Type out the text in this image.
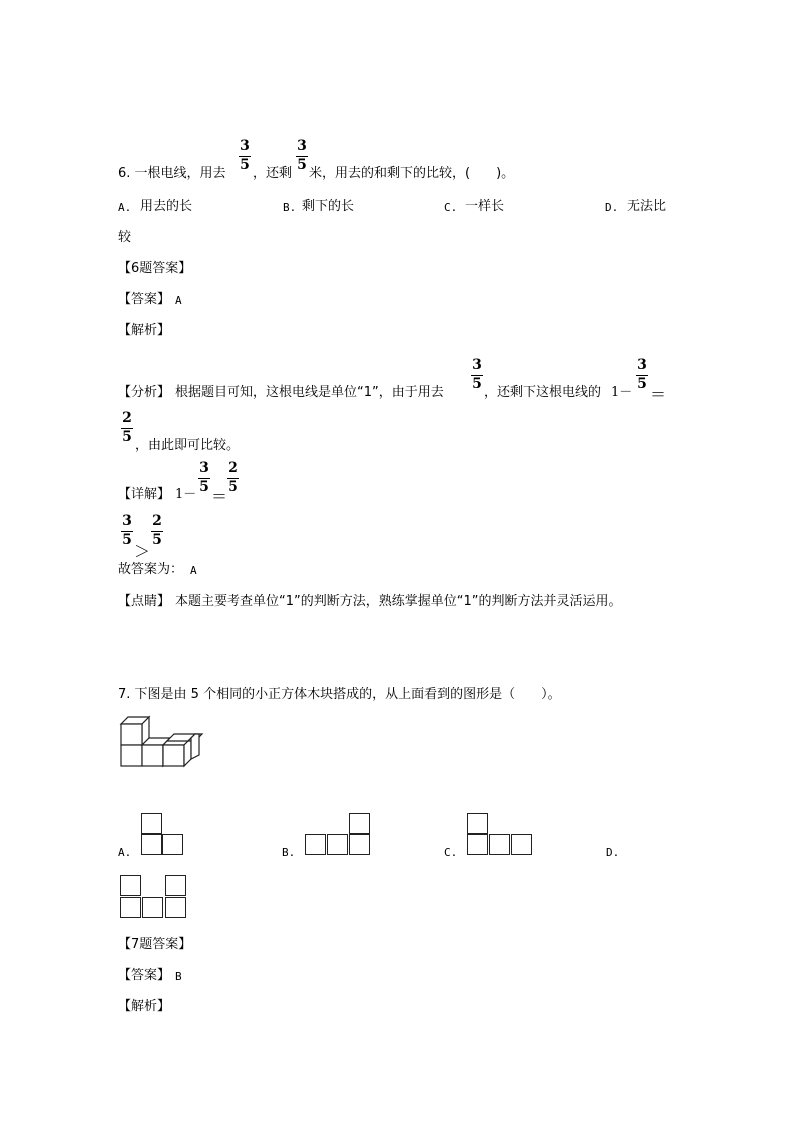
6. 一根电线，用去
3
5
，还剩
3
5
米，用去的和剩下的比较，(　　)。
A. 用去的长	B. 剩下的长	C. 一样长	D. 无法比
较
【6题答案】
【答案】 A
【解析】
【分析】 根据题目可知，这根电线是单位“1”，由于用去
3
5
，还剩下这根电线的 1－
3
5
＝
2
5
，由此即可比较。
【详解】 1－
3
5 ＝
2
5
3
5
＞
2
5
故答案为： A
【点睛】 本题主要考查单位“1”的判断方法，熟练掌握单位“1”的判断方法并灵活运用。
7. 下图是由 5 个相同的小正方体木块搭成的，从上面看到的图形是（　　）。
A.	B.	C.	D.
【7题答案】
【答案】 B
【解析】
